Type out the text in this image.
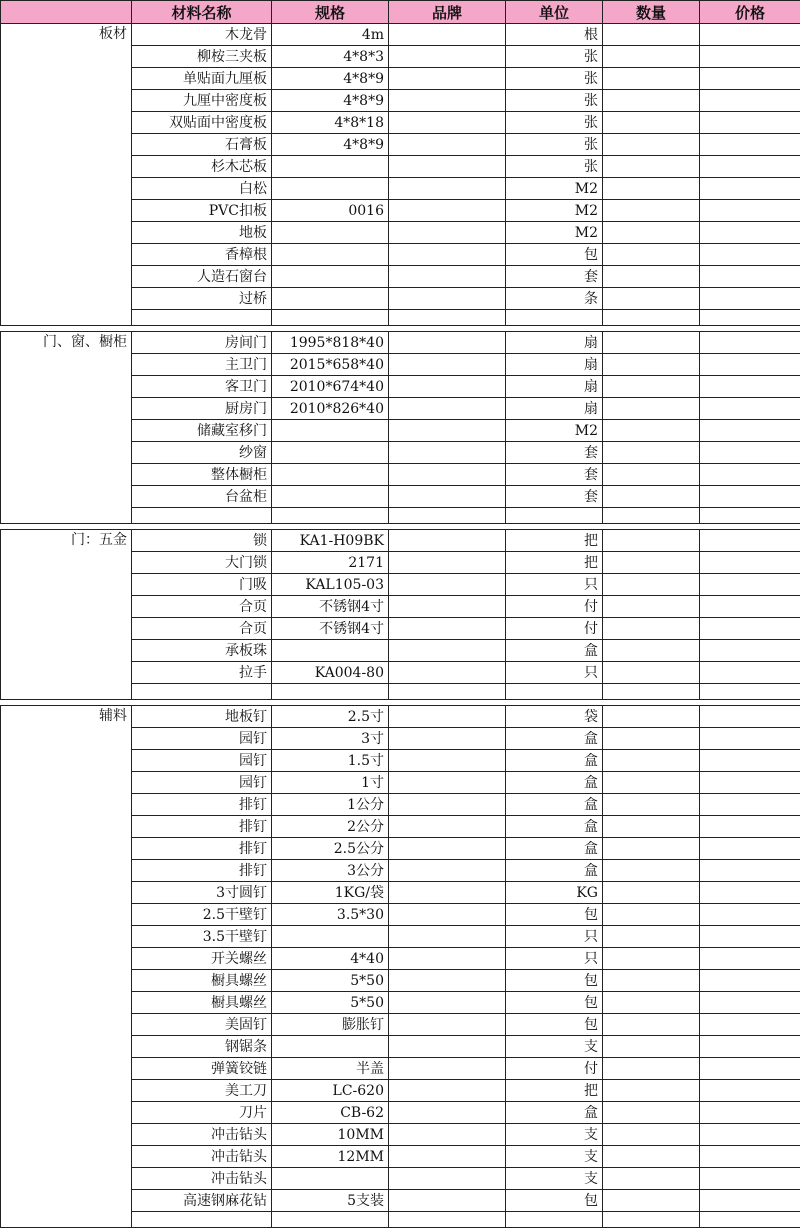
	材料名称	规格	品牌	单位	数量	价格
板材	木龙骨	4m		根		
	柳桉三夹板	4*8*3		张		
	单贴面九厘板	4*8*9		张		
	九厘中密度板	4*8*9		张		
	双贴面中密度板	4*8*18		张		
	石膏板	4*8*9		张		
	杉木芯板			张		
	白松			M2		
	PVC扣板	0016		M2		
	地板			M2		
	香樟根			包		
	人造石窗台			套		
	过桥			条		

门、窗、橱柜	房间门	1995*818*40		扇		
	主卫门	2015*658*40		扇		
	客卫门	2010*674*40		扇		
	厨房门	2010*826*40		扇		
	储藏室移门			M2		
	纱窗			套		
	整体橱柜			套		
	台盆柜			套		

门：五金	锁	KA1-H09BK		把		
	大门锁	2171		把		
	门吸	KAL105-03		只		
	合页	不锈钢4寸		付		
	合页	不锈钢4寸		付		
	承板珠			盒		
	拉手	KA004-80		只		

辅料	地板钉	2.5寸		袋		
	园钉	3寸		盒		
	园钉	1.5寸		盒		
	园钉	1寸		盒		
	排钉	1公分		盒		
	排钉	2公分		盒		
	排钉	2.5公分		盒		
	排钉	3公分		盒		
	3寸圆钉	1KG/袋		KG		
	2.5干壁钉	3.5*30		包		
	3.5干壁钉			只		
	开关螺丝	4*40		只		
	橱具螺丝	5*50		包		
	橱具螺丝	5*50		包		
	美固钉	膨胀钉		包		
	钢锯条			支		
	弹簧铰链	半盖		付		
	美工刀	LC-620		把		
	刀片	CB-62		盒		
	冲击钻头	10MM		支		
	冲击钻头	12MM		支		
	冲击钻头			支		
	高速钢麻花钻	5支装		包		
